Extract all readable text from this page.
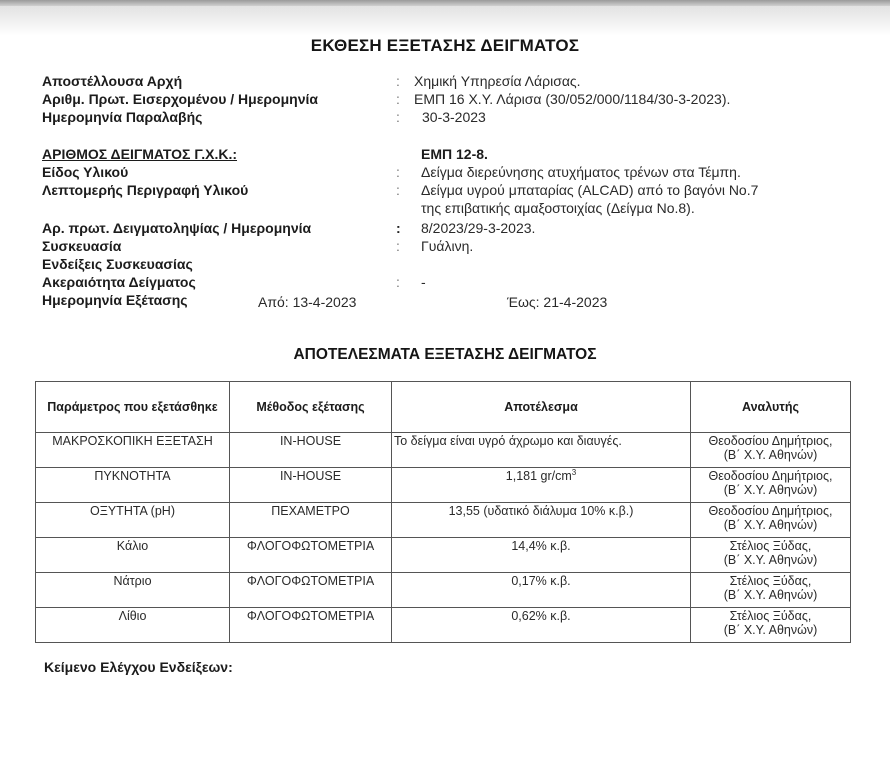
ΕΚΘΕΣΗ ΕΞΕΤΑΣΗΣ ΔΕΙΓΜΑΤΟΣ
Αποστέλλουσα Αρχή	: Χημική Υπηρεσία Λάρισας.
Αριθμ. Πρωτ. Εισερχομένου / Ημερομηνία	: ΕΜΠ 16 Χ.Υ. Λάρισα (30/052/000/1184/30-3-2023).
Ημερομηνία Παραλαβής	: 30-3-2023
ΑΡΙΘΜΟΣ ΔΕΙΓΜΑΤΟΣ Γ.Χ.Κ.:	ΕΜΠ 12-8.
Είδος Υλικού	: Δείγμα διερεύνησης ατυχήματος τρένων στα Τέμπη.
Λεπτομερής Περιγραφή Υλικού	: Δείγμα υγρού μπαταρίας (ALCAD) από το βαγόνι Νο.7
της επιβατικής αμαξοστοιχίας (Δείγμα Νο.8).
Αρ. πρωτ. Δειγματοληψίας / Ημερομηνία	: 8/2023/29-3-2023.
Συσκευασία	: Γυάλινη.
Ενδείξεις Συσκευασίας
Ακεραιότητα Δείγματος	: -
Ημερομηνία Εξέτασης	Από: 13-4-2023	Έως: 21-4-2023
ΑΠΟΤΕΛΕΣΜΑΤΑ ΕΞΕΤΑΣΗΣ ΔΕΙΓΜΑΤΟΣ
Παράμετρος που εξετάσθηκε	Μέθοδος εξέτασης	Αποτέλεσμα	Αναλυτής
ΜΑΚΡΟΣΚΟΠΙΚΗ ΕΞΕΤΑΣΗ	IN-HOUSE	Το δείγμα είναι υγρό άχρωμο και διαυγές.	Θεοδοσίου Δημήτριος,
(Β΄ Χ.Υ. Αθηνών)

ΠΥΚΝΟΤΗΤΑ	IN-HOUSE	1,181 $gr/cm^3$	Θεοδοσίου Δημήτριος,
(Β΄ Χ.Υ. Αθηνών)

ΟΞΥΤΗΤΑ (pH)	ΠΕΧΑΜΕΤΡΟ	13,55 (υδατικό διάλυμα 10% κ.β.)	Θεοδοσίου Δημήτριος,
(Β΄ Χ.Υ. Αθηνών)

Κάλιο	ΦΛΟΓΟΦΩΤΟΜΕΤΡΙΑ	14,4% κ.β.	Στέλιος Ξύδας,
(Β΄ Χ.Υ. Αθηνών)

Νάτριο	ΦΛΟΓΟΦΩΤΟΜΕΤΡΙΑ	0,17% κ.β.	Στέλιος Ξύδας,
(Β΄ Χ.Υ. Αθηνών)

Λίθιο	ΦΛΟΓΟΦΩΤΟΜΕΤΡΙΑ	0,62% κ.β.	Στέλιος Ξύδας,
(Β΄ Χ.Υ. Αθηνών)
Κείμενο Ελέγχου Ενδείξεων:
